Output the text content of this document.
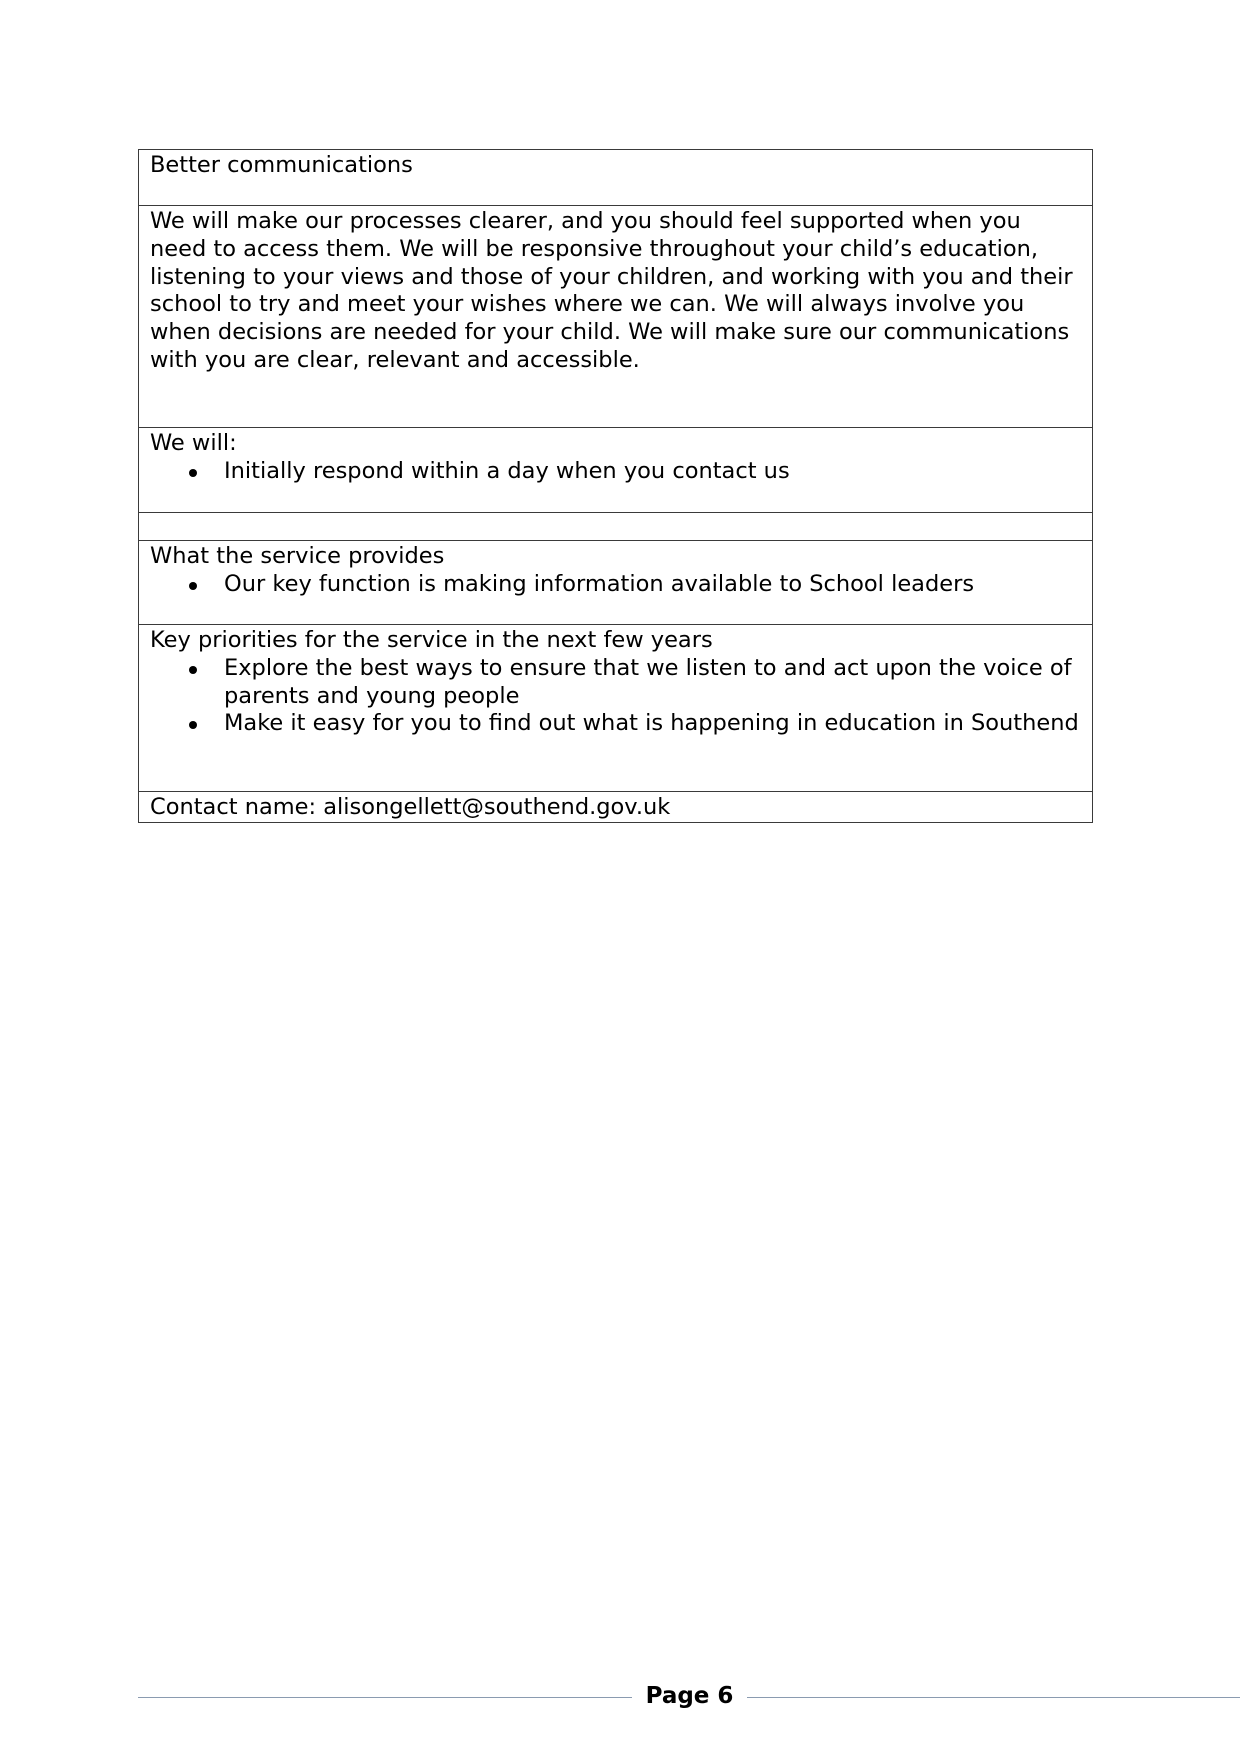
Better communications
We will make our processes clearer, and you should feel supported when you need to access them. We will be responsive throughout your child’s education, listening to your views and those of your children, and working with you and their school to try and meet your wishes where we can. We will always involve you when decisions are needed for your child. We will make sure our communications with you are clear, relevant and accessible.

We will:
Initially respond within a day when you contact us

What the service provides
Our key function is making information available to School leaders

Key priorities for the service in the next few years
Explore the best ways to ensure that we listen to and act upon the voice of parents and young people
Make it easy for you to find out what is happening in education in Southend

Contact name: alisongellett@southend.gov.uk
Page 6
